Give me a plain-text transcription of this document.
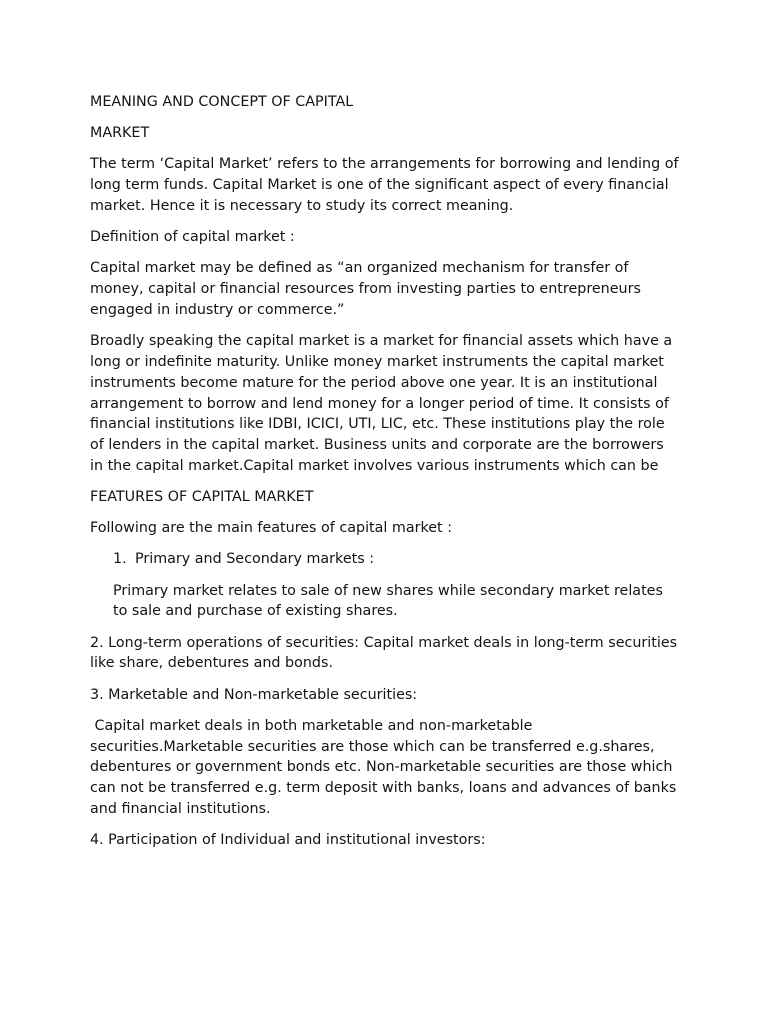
MEANING AND CONCEPT OF CAPITAL

MARKET

The term ‘Capital Market’ refers to the arrangements for borrowing and lending of long term funds. Capital Market is one of the significant aspect of every financial market. Hence it is necessary to study its correct meaning.

Definition of capital market :

Capital market may be defined as “an organized mechanism for transfer of money, capital or financial resources from investing parties to entrepreneurs engaged in industry or commerce.”

Broadly speaking the capital market is a market for financial assets which have a long or indefinite maturity. Unlike money market instruments the capital market instruments become mature for the period above one year. It is an institutional arrangement to borrow and lend money for a longer period of time. It consists of financial institutions like IDBI, ICICI, UTI, LIC, etc. These institutions play the role of lenders in the capital market. Business units and corporate are the borrowers in the capital market.Capital market involves various instruments which can be

FEATURES OF CAPITAL MARKET

Following are the main features of capital market :

1. Primary and Secondary markets :

Primary market relates to sale of new shares while secondary market relates to sale and purchase of existing shares.

2. Long-term operations of securities: Capital market deals in long-term securities like share, debentures and bonds.

3. Marketable and Non-marketable securities:

Capital market deals in both marketable and non-marketable securities.Marketable securities are those which can be transferred e.g.shares, debentures or government bonds etc. Non-marketable securities are those which can not be transferred e.g. term deposit with banks, loans and advances of banks and financial institutions.

4. Participation of Individual and institutional investors:
